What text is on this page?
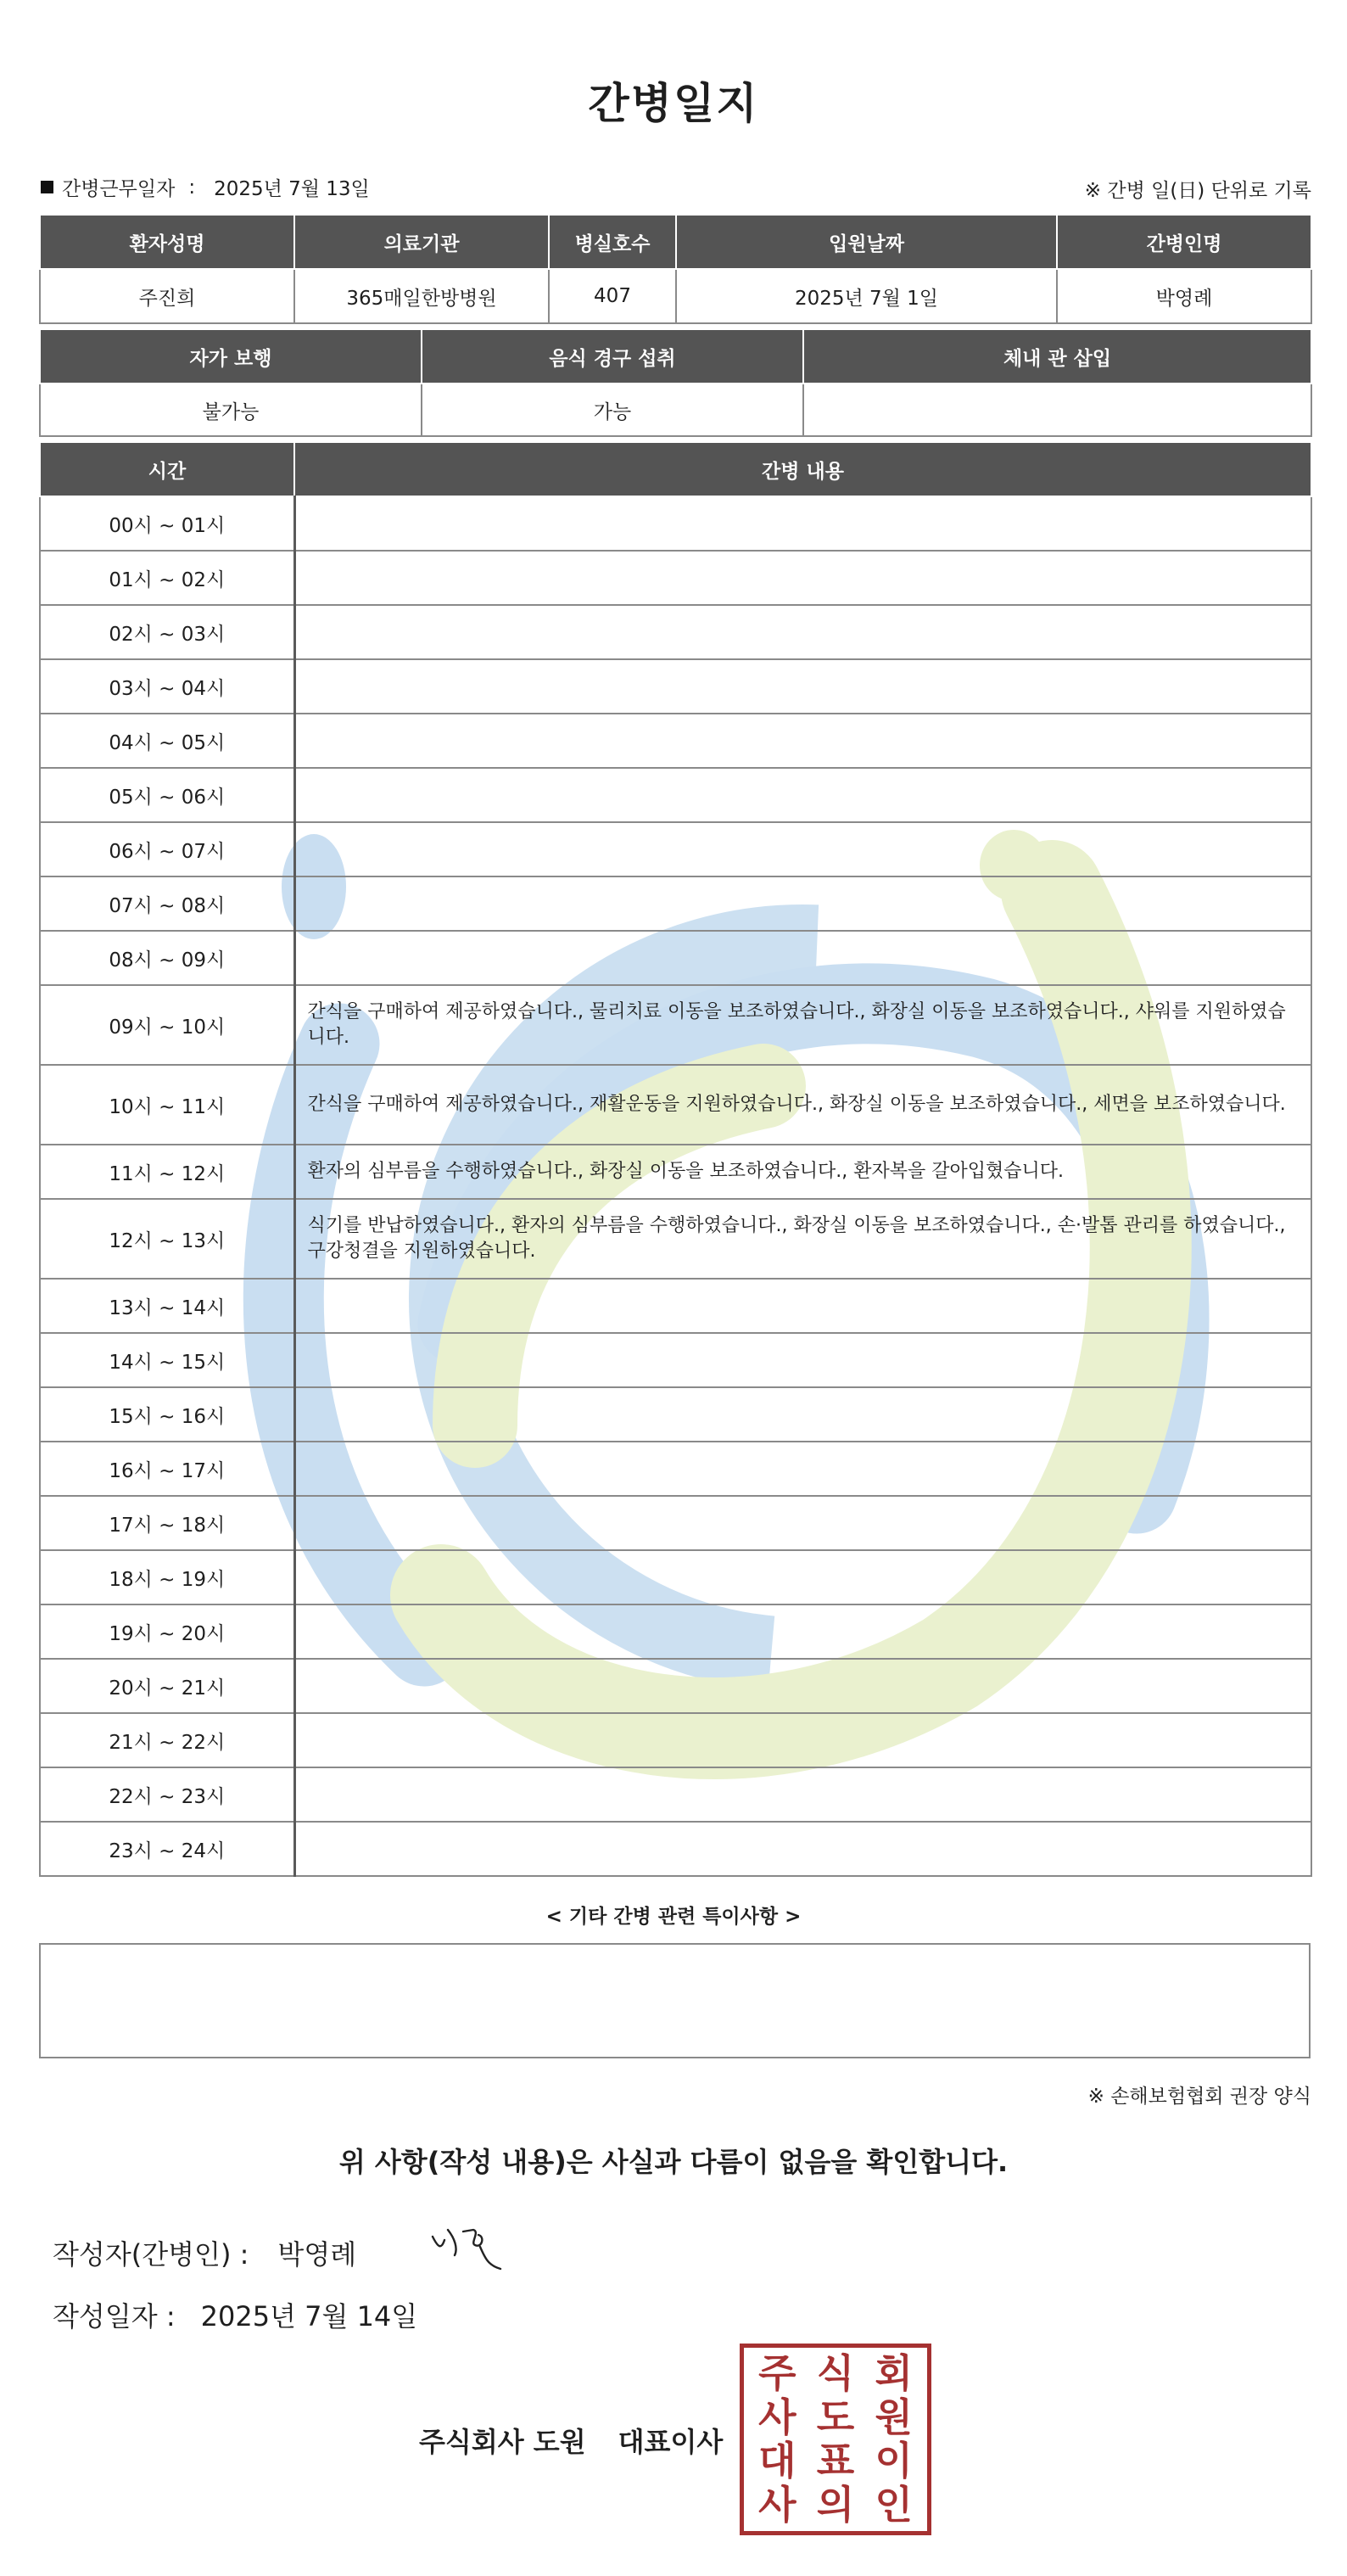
간병일지
간병근무일자 : 2025년 7월 13일	※ 간병 일(日) 단위로 기록
환자성명	의료기관	병실호수	입원날짜	간병인명
주진희	365매일한방병원	407	2025년 7월 1일	박영례
자가 보행	음식 경구 섭취	체내 관 삽입
불가능	가능	
시간	간병 내용
00시 ~ 01시	
01시 ~ 02시	
02시 ~ 03시	
03시 ~ 04시	
04시 ~ 05시	
05시 ~ 06시	
06시 ~ 07시	
07시 ~ 08시	
08시 ~ 09시	
09시 ~ 10시	간식을 구매하여 제공하였습니다., 물리치료 이동을 보조하였습니다., 화장실 이동을 보조하였습니다., 샤워를 지원하였습니다.
10시 ~ 11시	간식을 구매하여 제공하였습니다., 재활운동을 지원하였습니다., 화장실 이동을 보조하였습니다., 세면을 보조하였습니다.
11시 ~ 12시	환자의 심부름을 수행하였습니다., 화장실 이동을 보조하였습니다., 환자복을 갈아입혔습니다.
12시 ~ 13시	식기를 반납하였습니다., 환자의 심부름을 수행하였습니다., 화장실 이동을 보조하였습니다., 손·발톱 관리를 하였습니다., 구강청결을 지원하였습니다.
13시 ~ 14시	
14시 ~ 15시	
15시 ~ 16시	
16시 ~ 17시	
17시 ~ 18시	
18시 ~ 19시	
19시 ~ 20시	
20시 ~ 21시	
21시 ~ 22시	
22시 ~ 23시	
23시 ~ 24시	
< 기타 간병 관련 특이사항 >
※ 손해보험협회 권장 양식
위 사항(작성 내용)은 사실과 다름이 없음을 확인합니다.
작성자(간병인) : 박영례
작성일자 : 2025년 7월 14일
주식회사 도원 대표이사
주 식 회
사 도 원
대 표 이
사 의 인
